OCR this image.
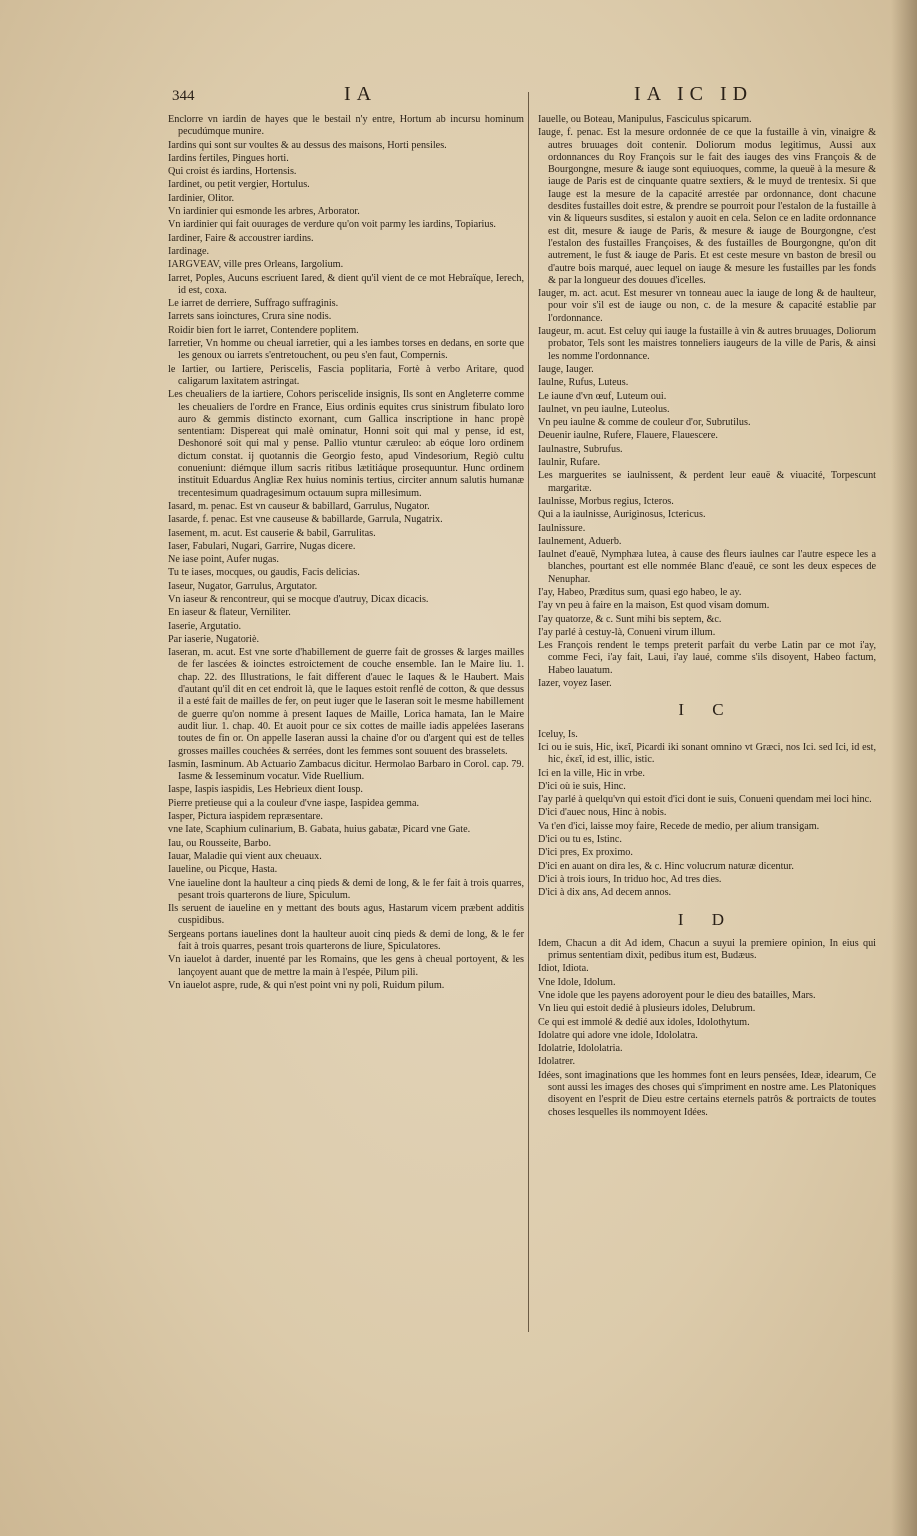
344	IA

Enclorre vn iardin de hayes que le bestail n'y entre, Hortum ab incursu hominum pecudúmque munire.

Iardins qui sont sur voultes & au dessus des maisons, Horti pensiles.

Iardins fertiles, Pingues horti.

Qui croist és iardins, Hortensis.

Iardinet, ou petit vergier, Hortulus.

Iardinier, Olitor.

Vn iardinier qui esmonde les arbres, Arborator.

Vn iardinier qui fait ouurages de verdure qu'on voit parmy les iardins, Topiarius.

Iardiner, Faire & accoustrer iardins.

Iardinage.

IARGVEAV, ville pres Orleans, Iargolium.

Iarret, Poples, Aucuns escriuent Iared, & dient qu'il vient de ce mot Hebraïque, Ierech, id est, coxa.

Le iarret de derriere, Suffrago suffraginis.

Iarrets sans ioinctures, Crura sine nodis.

Roidir bien fort le iarret, Contendere poplitem.

Iarretier, Vn homme ou cheual iarretier, qui a les iambes torses en dedans, en sorte que les genoux ou iarrets s'entretouchent, ou peu s'en faut, Compernis.

le Iartier, ou Iartiere, Periscelis, Fascia poplitaria, Fortè à verbo Aritare, quod caligarum laxitatem astringat.

Les cheualiers de la iartiere, Cohors periscelide insignis, Ils sont en Angleterre comme les cheualiers de l'ordre en France, Eius ordinis equites crus sinistrum fibulato loro auro & gemmis distincto exornant, cum Gallica inscriptione in hanc propè sententiam: Dispereat qui malè ominatur, Honni soit qui mal y pense, id est, Deshonoré soit qui mal y pense. Pallio vtuntur cæruleo: ab eóque loro ordinem dictum constat. ij quotannis die Georgio festo, apud Vindesorium, Regiò cultu conueniunt: diémque illum sacris ritibus lætitiáque prosequuntur. Hunc ordinem instituit Eduardus Angliæ Rex huius nominis tertius, circiter annum salutis humanæ trecentesimum quadragesimum octauum supra millesimum.

Iasard, m. penac. Est vn causeur & babillard, Garrulus, Nugator.

Iasarde, f. penac. Est vne causeuse & babillarde, Garrula, Nugatrix.

Iasement, m. acut. Est causerie & babil, Garrulitas.

Iaser, Fabulari, Nugari, Garrire, Nugas dicere.

Ne iase point, Aufer nugas.

Tu te iases, mocques, ou gaudis, Facis delicias.

Iaseur, Nugator, Garrulus, Argutator.

Vn iaseur & rencontreur, qui se mocque d'autruy, Dicax dicacis.

En iaseur & flateur, Verniliter.

Iaserie, Argutatio.

Par iaserie, Nugatoriè.

Iaseran, m. acut. Est vne sorte d'habillement de guerre fait de grosses & larges mailles de fer lascées & ioinctes estroictement de couche ensemble. Ian le Maire liu. 1. chap. 22. des Illustrations, le fait different d'auec le Iaques & le Haubert. Mais d'autant qu'il dit en cet endroit là, que le Iaques estoit renflé de cotton, & que dessus il a esté fait de mailles de fer, on peut iuger que le Iaseran soit le mesme habillement de guerre qu'on nomme à present Iaques de Maille, Lorica hamata, Ian le Maire audit liur. 1. chap. 40. Et auoit pour ce six cottes de maille iadis appelées Iaserans toutes de fin or. On appelle Iaseran aussi la chaine d'or ou d'argent qui est de telles grosses mailles couchées & serrées, dont les femmes sont souuent des brasselets.

Iasmin, Iasminum. Ab Actuario Zambacus dicitur. Hermolao Barbaro in Corol. cap. 79. Iasme & Iesseminum vocatur. Vide Ruellium.

Iaspe, Iaspis iaspidis, Les Hebrieux dient Iousp.

Pierre pretieuse qui a la couleur d'vne iaspe, Iaspidea gemma.

Iasper, Pictura iaspidem repræsentare.

vne Iate, Scaphium culinarium, B. Gabata, huius gabatæ, Picard vne Gate.

Iau, ou Rousseite, Barbo.

Iauar, Maladie qui vient aux cheuaux.

Iaueline, ou Picque, Hasta.

Vne iaueline dont la haulteur a cinq pieds & demi de long, & le fer fait à trois quarres, pesant trois quarterons de liure, Spiculum.

Ils seruent de iaueline en y mettant des bouts agus, Hastarum vicem præbent additis cuspidibus.

Sergeans portans iauelines dont la haulteur auoit cinq pieds & demi de long, & le fer fait à trois quarres, pesant trois quarterons de liure, Spiculatores.

Vn iauelot à darder, inuenté par les Romains, que les gens à cheual portoyent, & les lançoyent auant que de mettre la main à l'espée, Pilum pili.

Vn iauelot aspre, rude, & qui n'est point vni ny poli, Ruidum pilum.

IA IC ID

Iauelle, ou Boteau, Manipulus, Fasciculus spicarum.

Iauge, f. penac. Est la mesure ordonnée de ce que la fustaille à vin, vinaigre & autres bruuages doit contenir. Doliorum modus legitimus, Aussi aux ordonnances du Roy François sur le fait des iauges des vins François & de Bourgongne, mesure & iauge sont equiuoques, comme, la queuë à la mesure & iauge de Paris est de cinquante quatre sextiers, & le muyd de trentesix. Si que Iauge est la mesure de la capacité arrestée par ordonnance, dont chacune desdites fustailles doit estre, & prendre se pourroit pour l'estalon de la fustaille à vin & liqueurs susdites, si estalon y auoit en cela. Selon ce en ladite ordonnance est dit, mesure & iauge de Paris, & mesure & iauge de Bourgongne, c'est l'estalon des fustailles Françoises, & des fustailles de Bourgongne, qu'on dit autrement, le fust & iauge de Paris. Et est ceste mesure vn baston de bresil ou d'autre bois marqué, auec lequel on iauge & mesure les fustailles par les fonds & par la longueur des douues d'icelles.

Iauger, m. act. acut. Est mesurer vn tonneau auec la iauge de long & de haulteur, pour voir s'il est de iauge ou non, c. de la mesure & capacité establie par l'ordonnance.

Iaugeur, m. acut. Est celuy qui iauge la fustaille à vin & autres bruuages, Doliorum probator, Tels sont les maistres tonneliers iaugeurs de la ville de Paris, & ainsi les nomme l'ordonnance.

Iauge, Iauger.

Iaulne, Rufus, Luteus.

Le iaune d'vn œuf, Luteum oui.

Iaulnet, vn peu iaulne, Luteolus.

Vn peu iaulne & comme de couleur d'or, Subrutilus.

Deuenir iaulne, Rufere, Flauere, Flauescere.

Iaulnastre, Subrufus.

Iaulnir, Rufare.

Les marguerites se iaulnissent, & perdent leur eauë & viuacité, Torpescunt margaritæ.

Iaulnisse, Morbus regius, Icteros.

Qui a la iaulnisse, Aurigìnosus, Ictericus.

Iaulnissure.

Iaulnement, Aduerb.

Iaulnet d'eauë, Nymphæa lutea, à cause des fleurs iaulnes car l'autre espece les a blanches, pourtant est elle nommée Blanc d'eauë, ce sont les deux especes de Nenuphar.

I'ay, Habeo, Præditus sum, quasi ego habeo, le ay.

I'ay vn peu à faire en la maison, Est quod visam domum.

I'ay quatorze, & c. Sunt mihi bis septem, &c.

I'ay parlé à cestuy-là, Conueni virum illum.

Les François rendent le temps preterit parfait du verbe Latin par ce mot i'ay, comme Feci, i'ay fait, Laui, i'ay laué, comme s'ils disoyent, Habeo factum, Habeo lauatum.

Iazer, voyez Iaser.

I C

Iceluy, Is.

Ici ou ie suis, Hic, ἰκεῖ, Picardi iki sonant omnino vt Græci, nos Ici. sed Ici, id est, hic, ἐκεῖ, id est, illic, istic.

Ici en la ville, Hic in vrbe.

D'ici où ie suis, Hinc.

I'ay parlé à quelqu'vn qui estoit d'ici dont ie suis, Conueni quendam mei loci hinc.

D'ici d'auec nous, Hinc à nobis.

Va t'en d'ici, laisse moy faire, Recede de medio, per alium transigam.

D'ici ou tu es, Istinc.

D'ici pres, Ex proximo.

D'ici en auant on dira les, & c. Hinc volucrum naturæ dicentur.

D'ici à trois iours, In triduo hoc, Ad tres dies.

D'ici à dix ans, Ad decem annos.

I D

Idem, Chacun a dit Ad idem, Chacun a suyui la premiere opinion, In eius qui primus sententiam dixit, pedibus itum est, Budæus.

Idiot, Idiota.

Vne Idole, Idolum.

Vne idole que les payens adoroyent pour le dieu des batailles, Mars.

Vn lieu qui estoit dedié à plusieurs idoles, Delubrum.

Ce qui est immolé & dedié aux idoles, Idolothytum.

Idolatre qui adore vne idole, Idololatra.

Idolatrie, Idololatria.

Idolatrer.

Idées, sont imaginations que les hommes font en leurs pensées, Ideæ, idearum, Ce sont aussi les images des choses qui s'impriment en nostre ame. Les Platoniques disoyent en l'esprit de Dieu estre certains eternels patrôs & portraicts de toutes choses lesquelles ils nommoyent Idées.
